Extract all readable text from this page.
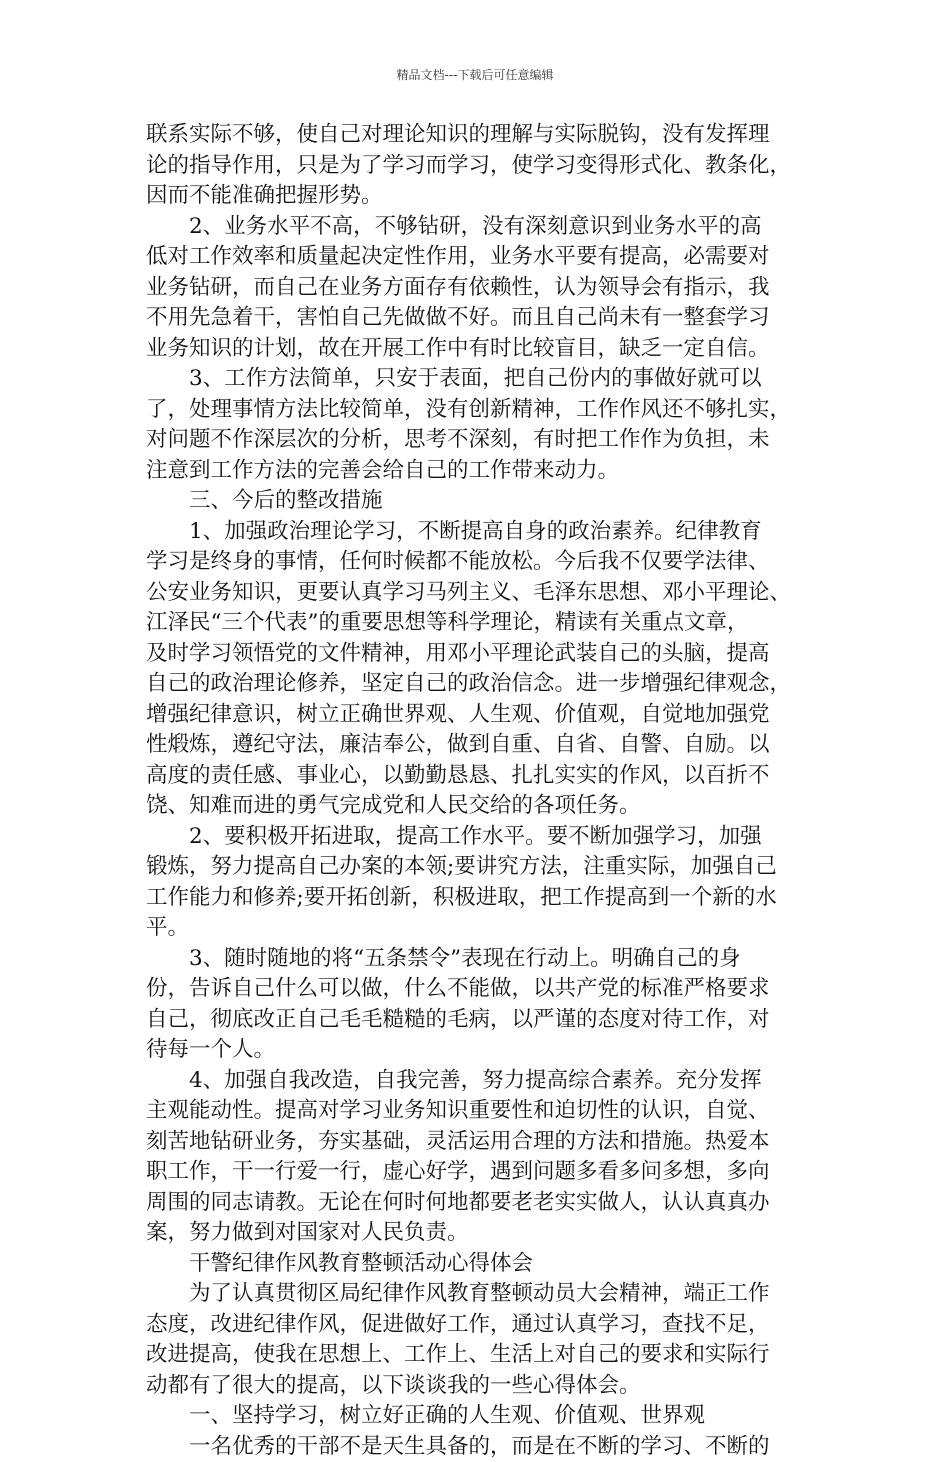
精品文档---下载后可任意编辑
联系实际不够，使自己对理论知识的理解与实际脱钩，没有发挥理
论的指导作用，只是为了学习而学习，使学习变得形式化、教条化，
因而不能准确把握形势。
　　2、业务水平不高，不够钻研，没有深刻意识到业务水平的高
低对工作效率和质量起决定性作用，业务水平要有提高，必需要对
业务钻研，而自己在业务方面存有依赖性，认为领导会有指示，我
不用先急着干，害怕自己先做做不好。而且自己尚未有一整套学习
业务知识的计划，故在开展工作中有时比较盲目，缺乏一定自信。
　　3、工作方法简单，只安于表面，把自己份内的事做好就可以
了，处理事情方法比较简单，没有创新精神，工作作风还不够扎实，
对问题不作深层次的分析，思考不深刻，有时把工作作为负担，未
注意到工作方法的完善会给自己的工作带来动力。
　　三、今后的整改措施
　　1、加强政治理论学习，不断提高自身的政治素养。纪律教育
学习是终身的事情，任何时候都不能放松。今后我不仅要学法律、
公安业务知识，更要认真学习马列主义、毛泽东思想、邓小平理论、
江泽民“三个代表”的重要思想等科学理论，精读有关重点文章，
及时学习领悟党的文件精神，用邓小平理论武装自己的头脑，提高
自己的政治理论修养，坚定自己的政治信念。进一步增强纪律观念，
增强纪律意识，树立正确世界观、人生观、价值观，自觉地加强党
性煅炼，遵纪守法，廉洁奉公，做到自重、自省、自警、自励。以
高度的责任感、事业心，以勤勤恳恳、扎扎实实的作风，以百折不
饶、知难而进的勇气完成党和人民交给的各项任务。
　　2、要积极开拓进取，提高工作水平。要不断加强学习，加强
锻炼，努力提高自己办案的本领;要讲究方法，注重实际，加强自己
工作能力和修养;要开拓创新，积极进取，把工作提高到一个新的水
平。
　　3、随时随地的将“五条禁令”表现在行动上。明确自己的身
份，告诉自己什么可以做，什么不能做，以共产党的标准严格要求
自己，彻底改正自己毛毛糙糙的毛病，以严谨的态度对待工作，对
待每一个人。
　　4、加强自我改造，自我完善，努力提高综合素养。充分发挥
主观能动性。提高对学习业务知识重要性和迫切性的认识，自觉、
刻苦地钻研业务，夯实基础，灵活运用合理的方法和措施。热爱本
职工作，干一行爱一行，虚心好学，遇到问题多看多问多想，多向
周围的同志请教。无论在何时何地都要老老实实做人，认认真真办
案，努力做到对国家对人民负责。
　　干警纪律作风教育整顿活动心得体会
　　为了认真贯彻区局纪律作风教育整顿动员大会精神，端正工作
态度，改进纪律作风，促进做好工作，通过认真学习，查找不足，
改进提高，使我在思想上、工作上、生活上对自己的要求和实际行
动都有了很大的提高，以下谈谈我的一些心得体会。
　　一、坚持学习，树立好正确的人生观、价值观、世界观
　　一名优秀的干部不是天生具备的，而是在不断的学习、不断的
